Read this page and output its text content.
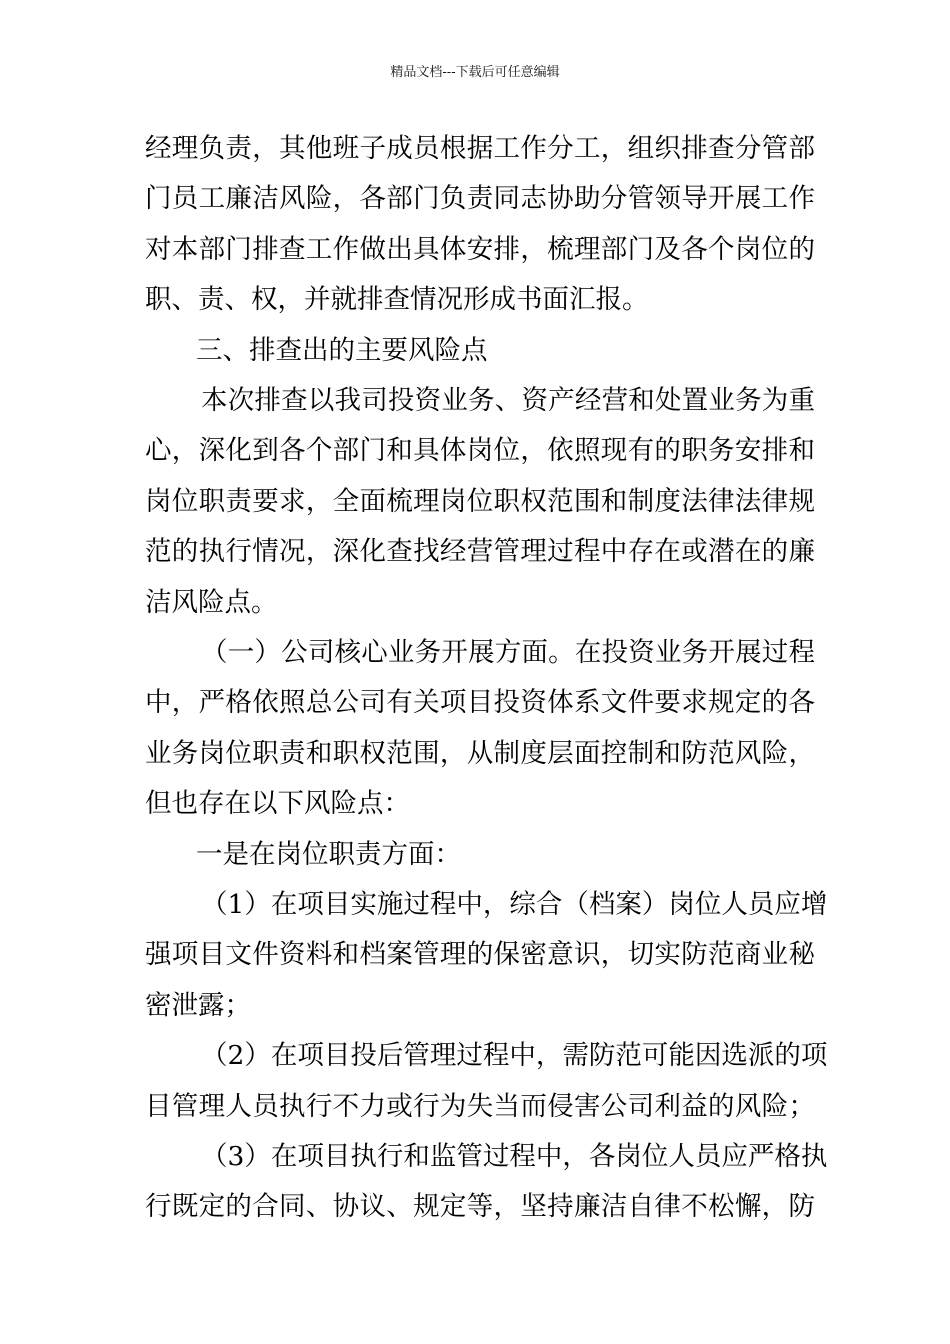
精品文档---下载后可任意编辑
经理负责，其他班子成员根据工作分工，组织排查分管部
门员工廉洁风险，各部门负责同志协助分管领导开展工作
对本部门排查工作做出具体安排，梳理部门及各个岗位的
职、责、权，并就排查情况形成书面汇报。
三、排查出的主要风险点
本次排查以我司投资业务、资产经营和处置业务为重
心，深化到各个部门和具体岗位，依照现有的职务安排和
岗位职责要求，全面梳理岗位职权范围和制度法律法律规
范的执行情况，深化查找经营管理过程中存在或潜在的廉
洁风险点。
（一）公司核心业务开展方面。在投资业务开展过程
中，严格依照总公司有关项目投资体系文件要求规定的各
业务岗位职责和职权范围，从制度层面控制和防范风险，
但也存在以下风险点：
一是在岗位职责方面：
（1）在项目实施过程中，综合（档案）岗位人员应增
强项目文件资料和档案管理的保密意识，切实防范商业秘
密泄露；
（2）在项目投后管理过程中，需防范可能因选派的项
目管理人员执行不力或行为失当而侵害公司利益的风险；
（3）在项目执行和监管过程中，各岗位人员应严格执
行既定的合同、协议、规定等，坚持廉洁自律不松懈，防
